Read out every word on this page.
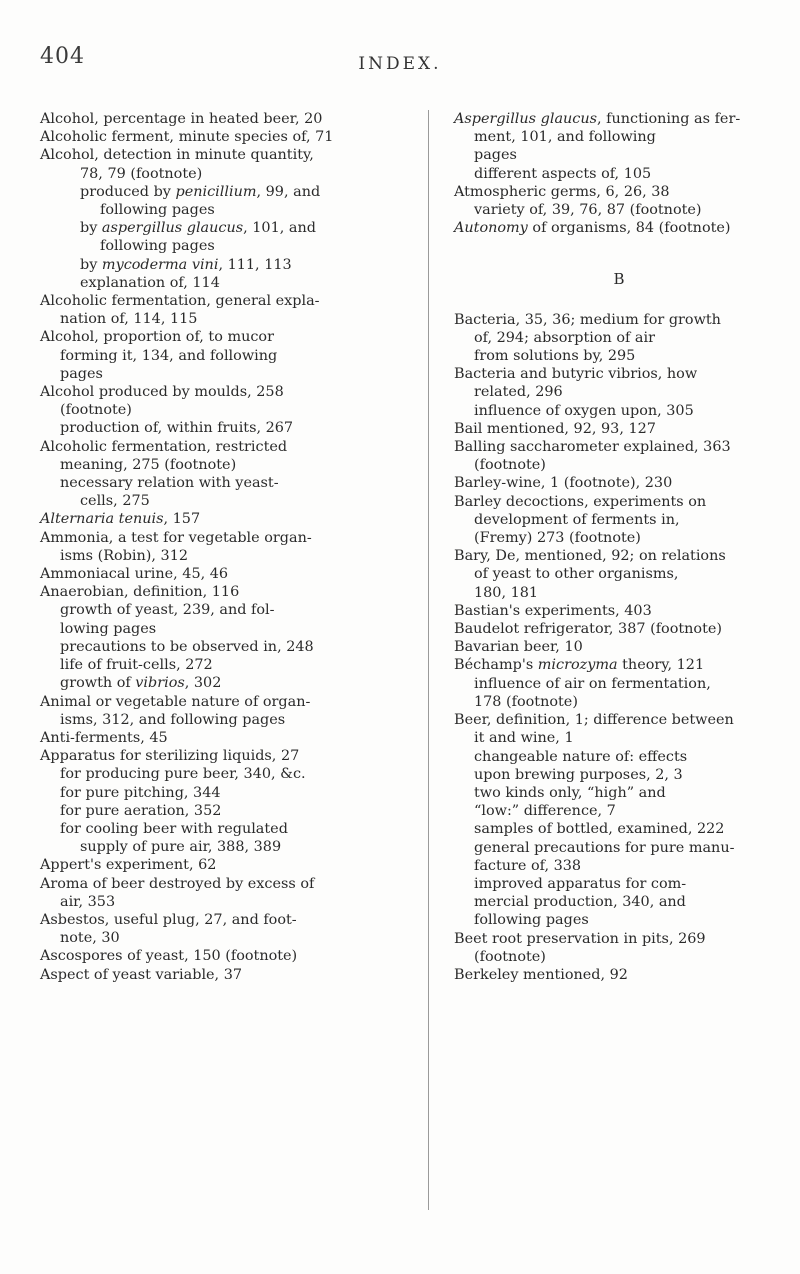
404	INDEX.

Alcohol, percentage in heated beer, 20

Alcoholic ferment, minute species of, 71

Alcohol, detection in minute quantity,

78, 79 (footnote)

produced by penicillium, 99, and

following pages

by aspergillus glaucus, 101, and

following pages

by mycoderma vini, 111, 113

explanation of, 114

Alcoholic fermentation, general expla-

nation of, 114, 115

Alcohol, proportion of, to mucor

forming it, 134, and following

pages

Alcohol produced by moulds, 258

(footnote)

production of, within fruits, 267

Alcoholic fermentation, restricted

meaning, 275 (footnote)

necessary relation with yeast-

cells, 275

Alternaria tenuis, 157

Ammonia, a test for vegetable organ-

isms (Robin), 312

Ammoniacal urine, 45, 46

Anaerobian, definition, 116

growth of yeast, 239, and fol-

lowing pages

precautions to be observed in, 248

life of fruit-cells, 272

growth of vibrios, 302

Animal or vegetable nature of organ-

isms, 312, and following pages

Anti-ferments, 45

Apparatus for sterilizing liquids, 27

for producing pure beer, 340, &c.

for pure pitching, 344

for pure aeration, 352

for cooling beer with regulated

supply of pure air, 388, 389

Appert's experiment, 62

Aroma of beer destroyed by excess of

air, 353

Asbestos, useful plug, 27, and foot-

note, 30

Ascospores of yeast, 150 (footnote)

Aspect of yeast variable, 37

Aspergillus glaucus, functioning as fer-

ment, 101, and following

pages

different aspects of, 105

Atmospheric germs, 6, 26, 38

variety of, 39, 76, 87 (footnote)

Autonomy of organisms, 84 (footnote)

B

Bacteria, 35, 36; medium for growth

of, 294; absorption of air

from solutions by, 295

Bacteria and butyric vibrios, how

related, 296

influence of oxygen upon, 305

Bail mentioned, 92, 93, 127

Balling saccharometer explained, 363

(footnote)

Barley-wine, 1 (footnote), 230

Barley decoctions, experiments on

development of ferments in,

(Fremy) 273 (footnote)

Bary, De, mentioned, 92; on relations

of yeast to other organisms,

180, 181

Bastian's experiments, 403

Baudelot refrigerator, 387 (footnote)

Bavarian beer, 10

Béchamp's microzyma theory, 121

influence of air on fermentation,

178 (footnote)

Beer, definition, 1; difference between

it and wine, 1

changeable nature of: effects

upon brewing purposes, 2, 3

two kinds only, “high” and

“low:” difference, 7

samples of bottled, examined, 222

general precautions for pure manu-

facture of, 338

improved apparatus for com-

mercial production, 340, and

following pages

Beet root preservation in pits, 269

(footnote)

Berkeley mentioned, 92
